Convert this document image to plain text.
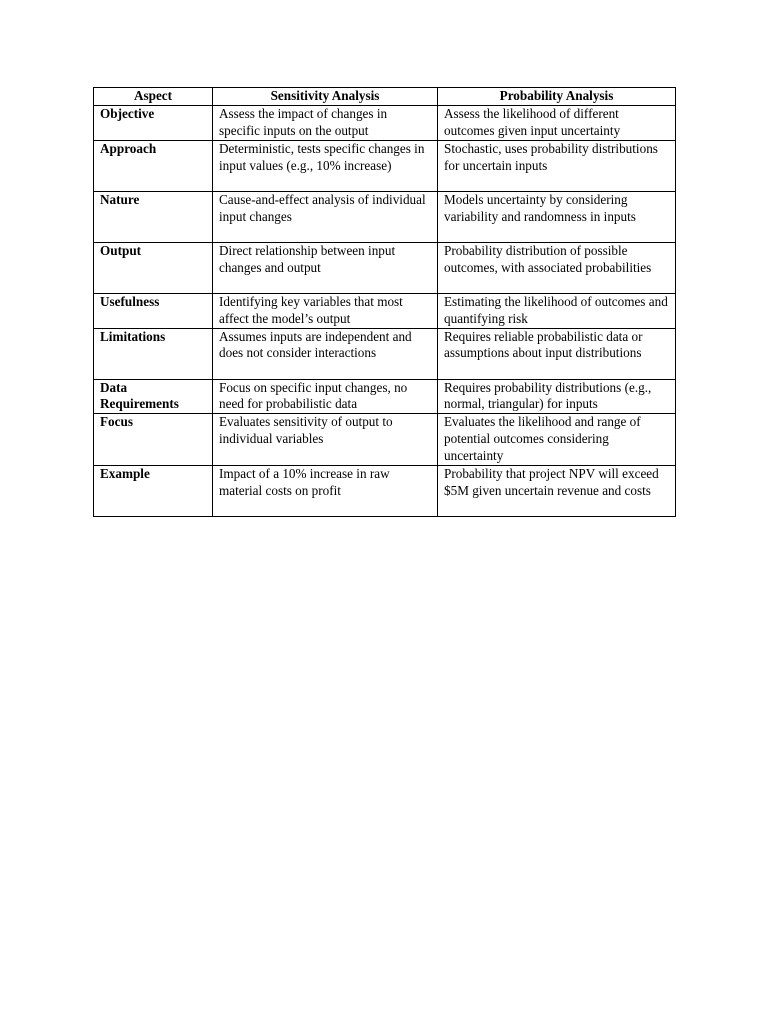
Aspect	Sensitivity Analysis	Probability Analysis
Objective	Assess the impact of changes in specific inputs on the output	Assess the likelihood of different outcomes given input uncertainty
Approach	Deterministic, tests specific changes in input values (e.g., 10% increase)	Stochastic, uses probability distributions for uncertain inputs
Nature	Cause-and-effect analysis of individual input changes	Models uncertainty by considering variability and randomness in inputs
Output	Direct relationship between input changes and output	Probability distribution of possible outcomes, with associated probabilities
Usefulness	Identifying key variables that most affect the model’s output	Estimating the likelihood of outcomes and quantifying risk
Limitations	Assumes inputs are independent and does not consider interactions	Requires reliable probabilistic data or assumptions about input distributions
Data Requirements	Focus on specific input changes, no need for probabilistic data	Requires probability distributions (e.g., normal, triangular) for inputs
Focus	Evaluates sensitivity of output to individual variables	Evaluates the likelihood and range of potential outcomes considering uncertainty
Example	Impact of a 10% increase in raw material costs on profit	Probability that project NPV will exceed $5M given uncertain revenue and costs
